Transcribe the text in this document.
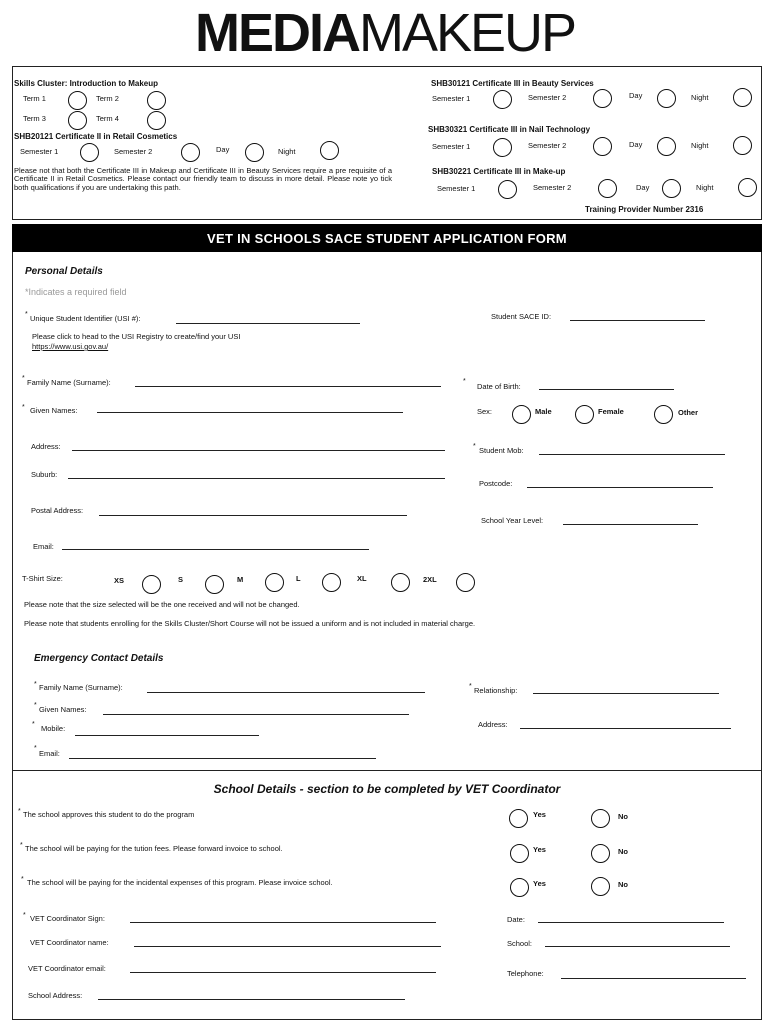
MEDIAMAKEUP
Skills Cluster: Introduction to Makeup
Term 1	Term 2
Term 3	Term 4
SHB20121 Certificate II in Retail Cosmetics
Semester 1	Semester 2	Day	Night
Please not that both the Certificate III in Makeup and Certificate III in Beauty Services require a pre requisite of a Certificate II in Retail Cosmetics. Please contact our friendly team to discuss in more detail. Please note yo tick both qualifications if you are undertaking this path.
SHB30121 Certificate III in Beauty Services
Semester 1	Semester 2	Day	Night
SHB30321 Certificate III in Nail Technology
Semester 1	Semester 2	Day	Night
SHB30221 Certificate III in Make-up
Semester 1	Semester 2	Day	Night
Training Provider Number 2316
VET IN SCHOOLS SACE STUDENT APPLICATION FORM
Personal Details
*Indicates a required field
* Unique Student Identifier (USI #):	Student SACE ID:
Please click to head to the USI Registry to create/find your USI
https://www.usi.gov.au/
* Family Name (Surname):	*
Date of Birth:
* Given Names:	Sex:	Male	Female	Other
Address:	* Student Mob:
Suburb:
Postcode:
Postal Address:
School Year Level:
Email:
T-Shirt Size:	XS	S	M	L	XL	2XL
Please note that the size selected will be the one received and will not be changed.
Please note that students enrolling for the Skills Cluster/Short Course will not be issued a uniform and is not included in material charge.
Emergency Contact Details
* Family Name (Surname):	* Relationship:
* Given Names:
Address:
* Mobile:
*
Email:
School Details - section to be completed by VET Coordinator
* The school approves this student to do the program	Yes	No
* The school will be paying for the tution fees. Please forward invoice to school.	Yes	No
* The school will be paying for the incidental expenses of this program. Please invoice school.	Yes	No
* VET Coordinator Sign:	Date:
VET Coordinator name:	School:
VET Coordinator email:
Telephone:
School Address:
